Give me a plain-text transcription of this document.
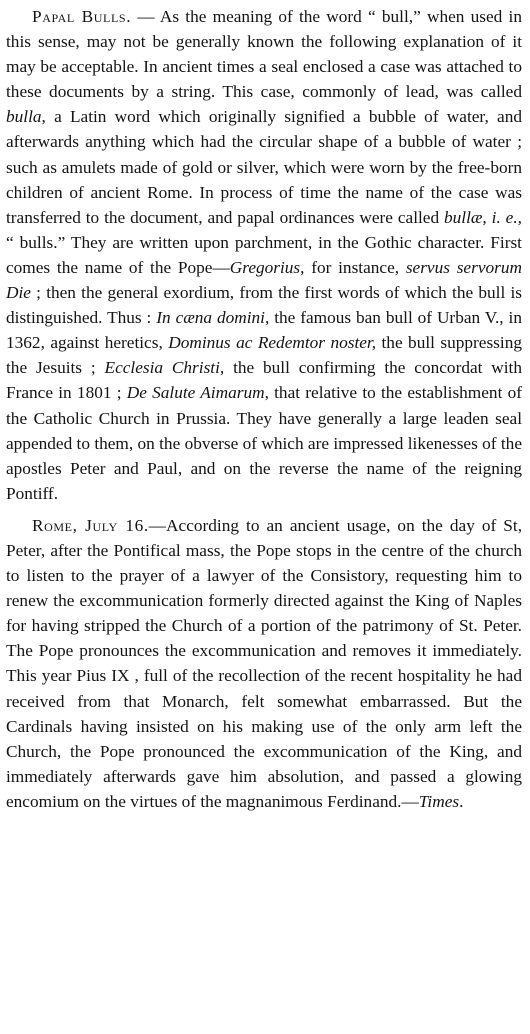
Papal Bulls. — As the meaning of the word “ bull,” when used in this sense, may not be generally known the following explanation of it may be acceptable. In ancient times a seal enclosed a case was attached to these documents by a string. This case, commonly of lead, was called bulla, a Latin word which originally signified a bubble of water, and afterwards anything which had the circular shape of a bubble of water ; such as amulets made of gold or silver, which were worn by the free-born children of ancient Rome. In process of time the name of the case was transferred to the document, and papal ordinances were called bullæ, i. e., “ bulls.” They are written upon parchment, in the Gothic character. First comes the name of the Pope—Gregorius, for instance, servus servorum Die ; then the general exordium, from the first words of which the bull is distinguished. Thus : In cæna domini, the famous ban bull of Urban V., in 1362, against heretics, Dominus ac Redemtor noster, the bull suppressing the Jesuits ; Ecclesia Christi, the bull confirming the concordat with France in 1801 ; De Salute Aimarum, that relative to the establishment of the Catholic Church in Prussia. They have generally a large leaden seal appended to them, on the obverse of which are impressed likenesses of the apostles Peter and Paul, and on the reverse the name of the reigning Pontiff.

Rome, July 16.—According to an ancient usage, on the day of St, Peter, after the Pontifical mass, the Pope stops in the centre of the church to listen to the prayer of a lawyer of the Consistory, requesting him to renew the excommunication formerly directed against the King of Naples for having stripped the Church of a portion of the patrimony of St. Peter. The Pope pronounces the excommunication and removes it immediately. This year Pius IX , full of the recollection of the recent hospitality he had received from that Monarch, felt somewhat embarrassed. But the Cardinals having insisted on his making use of the only arm left the Church, the Pope pronounced the excommunication of the King, and immediately afterwards gave him absolution, and passed a glowing encomium on the virtues of the magnanimous Ferdinand.—Times.
